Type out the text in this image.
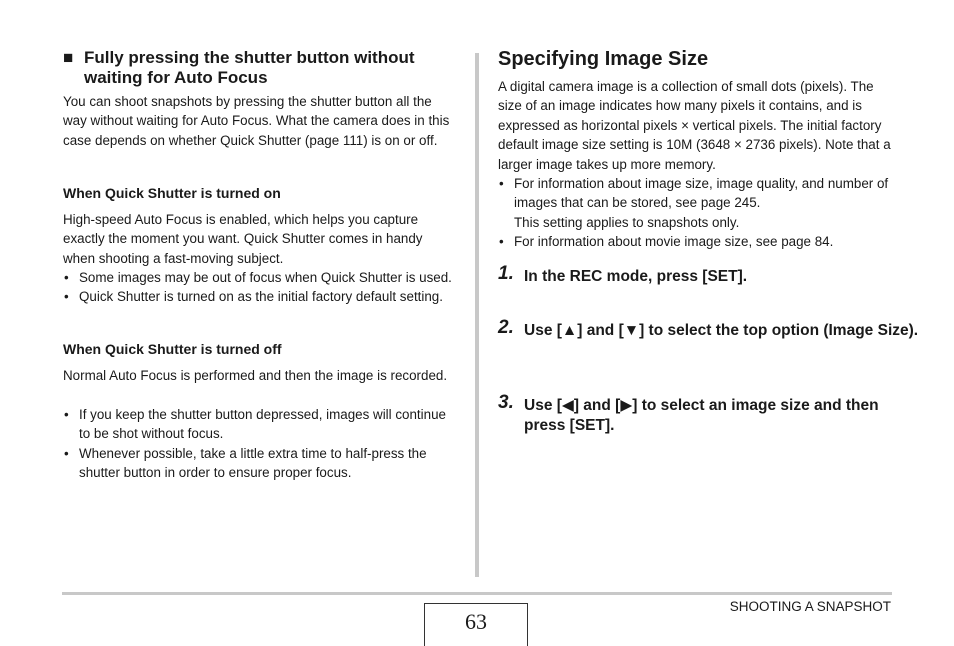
■ Fully pressing the shutter button without waiting for Auto Focus

You can shoot snapshots by pressing the shutter button all the way without waiting for Auto Focus. What the camera does in this case depends on whether Quick Shutter (page 111) is on or off.

When Quick Shutter is turned on

High-speed Auto Focus is enabled, which helps you capture exactly the moment you want. Quick Shutter comes in handy when shooting a fast-moving subject.

• Some images may be out of focus when Quick Shutter is used.
• Quick Shutter is turned on as the initial factory default setting.
When Quick Shutter is turned off

Normal Auto Focus is performed and then the image is recorded.

• If you keep the shutter button depressed, images will continue to be shot without focus.
• Whenever possible, take a little extra time to half-press the shutter button in order to ensure proper focus.
Specifying Image Size

A digital camera image is a collection of small dots (pixels). The size of an image indicates how many pixels it contains, and is expressed as horizontal pixels × vertical pixels. The initial factory default image size setting is 10M (3648 × 2736 pixels). Note that a larger image takes up more memory.

• For information about image size, image quality, and number of images that can be stored, see page 245.
This setting applies to snapshots only.
• For information about movie image size, see page 84.
1. In the REC mode, press [SET].
2. Use [▲] and [▼] to select the top option (Image Size).
3. Use [◀] and [▶] to select an image size and then press [SET].
63
SHOOTING A SNAPSHOT
